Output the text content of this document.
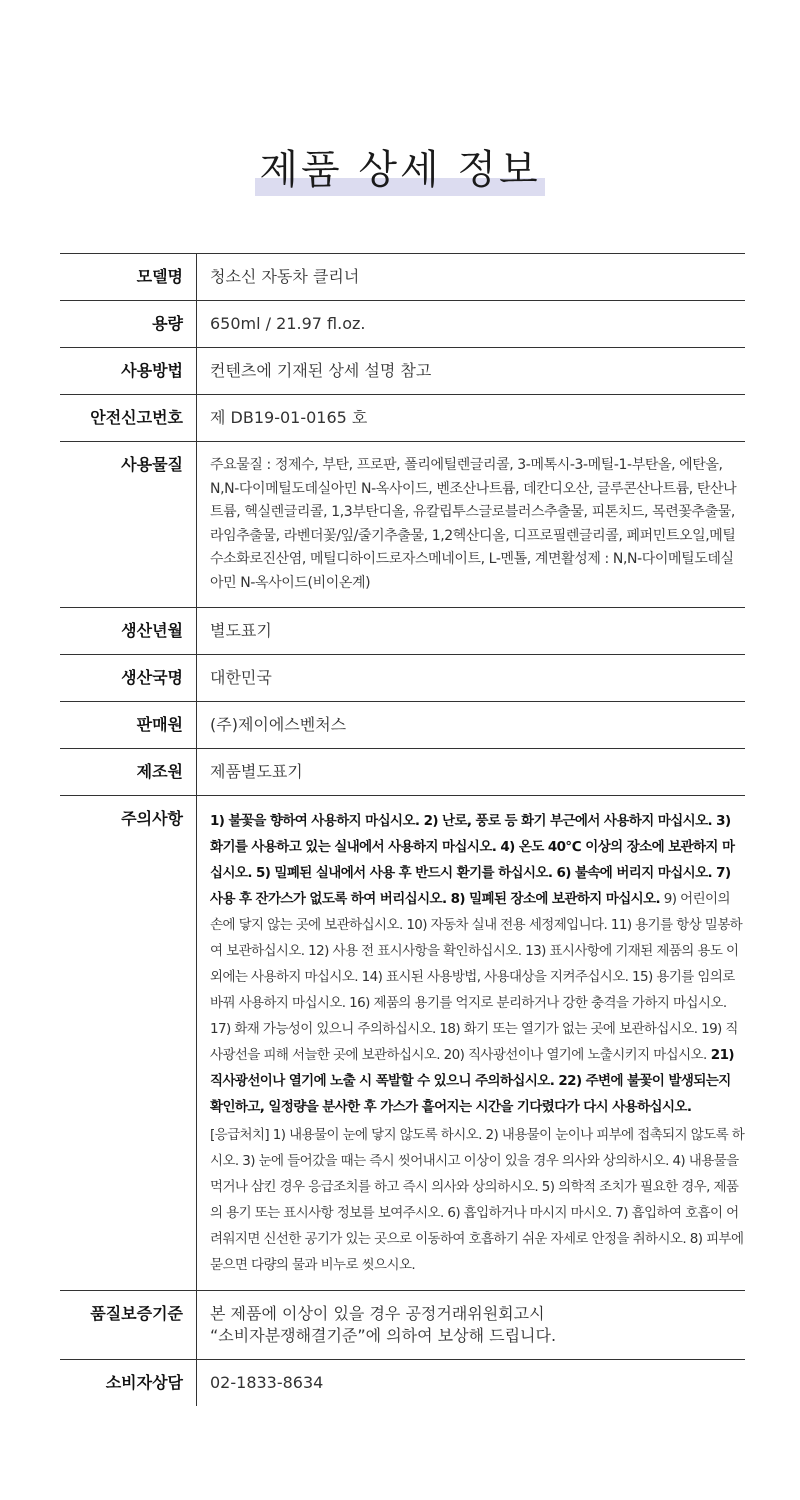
제품 상세 정보
모델명	청소신 자동차 클리너
용량	650ml / 21.97 fl.oz.
사용방법	컨텐츠에 기재된 상세 설명 참고
안전신고번호	제 DB19-01-0165 호
사용물질	주요물질 : 정제수, 부탄, 프로판, 폴리에틸렌글리콜, 3-메톡시-3-메틸-1-부탄올, 에탄올, N,N-다이메틸도데실아민 N-옥사이드, 벤조산나트륨, 데칸디오산, 글루콘산나트륨, 탄산나트륨, 헥실렌글리콜, 1,3부탄디올, 유칼립투스글로블러스추출물, 피톤치드, 목련꽃추출물, 라임추출물, 라벤더꽃/잎/줄기추출물, 1,2헥산디올, 디프로필렌글리콜, 페퍼민트오일,메틸수소화로진산염, 메틸디하이드로자스메네이트, L-멘톨, 계면활성제 : N,N-다이메틸도데실아민 N-옥사이드(비이온계)
생산년월	별도표기
생산국명	대한민국
판매원	(주)제이에스벤처스
제조원	제품별도표기
주의사항	1) 불꽃을 향하여 사용하지 마십시오. 2) 난로, 풍로 등 화기 부근에서 사용하지 마십시오. 3) 화기를 사용하고 있는 실내에서 사용하지 마십시오. 4) 온도 40℃ 이상의 장소에 보관하지 마십시오. 5) 밀폐된 실내에서 사용 후 반드시 환기를 하십시오. 6) 불속에 버리지 마십시오. 7) 사용 후 잔가스가 없도록 하여 버리십시오. 8) 밀폐된 장소에 보관하지 마십시오. 9) 어린이의 손에 닿지 않는 곳에 보관하십시오. 10) 자동차 실내 전용 세정제입니다. 11) 용기를 항상 밀봉하여 보관하십시오. 12) 사용 전 표시사항을 확인하십시오. 13) 표시사항에 기재된 제품의 용도 이외에는 사용하지 마십시오. 14) 표시된 사용방법, 사용대상을 지켜주십시오. 15) 용기를 임의로 바꿔 사용하지 마십시오. 16) 제품의 용기를 억지로 분리하거나 강한 충격을 가하지 마십시오. 17) 화재 가능성이 있으니 주의하십시오. 18) 화기 또는 열기가 없는 곳에 보관하십시오. 19) 직사광선을 피해 서늘한 곳에 보관하십시오. 20) 직사광선이나 열기에 노출시키지 마십시오. 21) 직사광선이나 열기에 노출 시 폭발할 수 있으니 주의하십시오. 22) 주변에 불꽃이 발생되는지 확인하고, 일정량을 분사한 후 가스가 흩어지는 시간을 기다렸다가 다시 사용하십시오.
[응급처치] 1) 내용물이 눈에 닿지 않도록 하시오. 2) 내용물이 눈이나 피부에 접촉되지 않도록 하시오. 3) 눈에 들어갔을 때는 즉시 씻어내시고 이상이 있을 경우 의사와 상의하시오. 4) 내용물을 먹거나 삼킨 경우 응급조치를 하고 즉시 의사와 상의하시오. 5) 의학적 조치가 필요한 경우, 제품의 용기 또는 표시사항 정보를 보여주시오. 6) 흡입하거나 마시지 마시오. 7) 흡입하여 호흡이 어려워지면 신선한 공기가 있는 곳으로 이동하여 호흡하기 쉬운 자세로 안정을 취하시오. 8) 피부에 묻으면 다량의 물과 비누로 씻으시오.

품질보증기준	본 제품에 이상이 있을 경우 공정거래위원회고시
“소비자분쟁해결기준”에 의하여 보상해 드립니다.

소비자상담	02-1833-8634
